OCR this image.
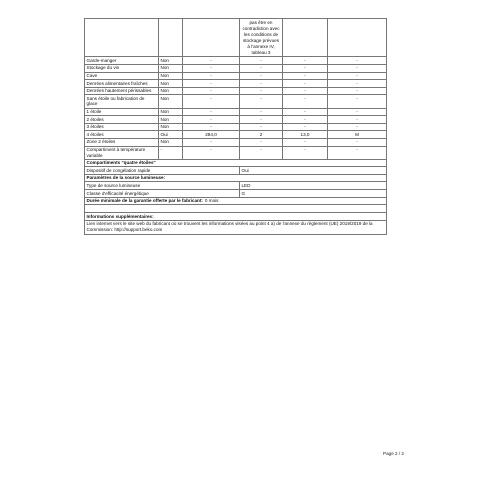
			pas être en contradiction avec les conditions de stockage prévues à l'annexe IV, tableau 3		
Garde-manger	Non	-	-	-	-
Stockage du vin	Non	-	-	-	-
Cave	Non	-	-	-	-
Denrées alimentaires fraîches	Non	-	-	-	-
Denrées hautement périssables	Non	-	-	-	-
Sans étoile ou fabrication de glace	Non	-	-	-	-
1 étoile	Non	-	-	-	-
2 étoiles	Non	-	-	-	-
3 étoiles	Non	-	-	-	-
4 étoiles	Oui	284,0	2	13,0	M
Zone 2 étoiles	Non	-	-	-	-
Compartiment à température variable	-	-	-	-	-
Compartiments "quatre étoiles"					
Dispositif de congélation rapide			Oui		
Paramètres de la source lumineuse:					
Type de source lumineuse			LED		
Classe d'efficacité énergétique			G		
Durée minimale de la garantie offerte par le fabricant: 0 mois					

Informations supplémentaires:					
Lien internet vers le site web du fabricant où se trouvent les informations visées au point 4 a) de l'annexe du règlement (UE) 2019/2019 de la Commission: http://support.beko.com					
Page 2 / 2
